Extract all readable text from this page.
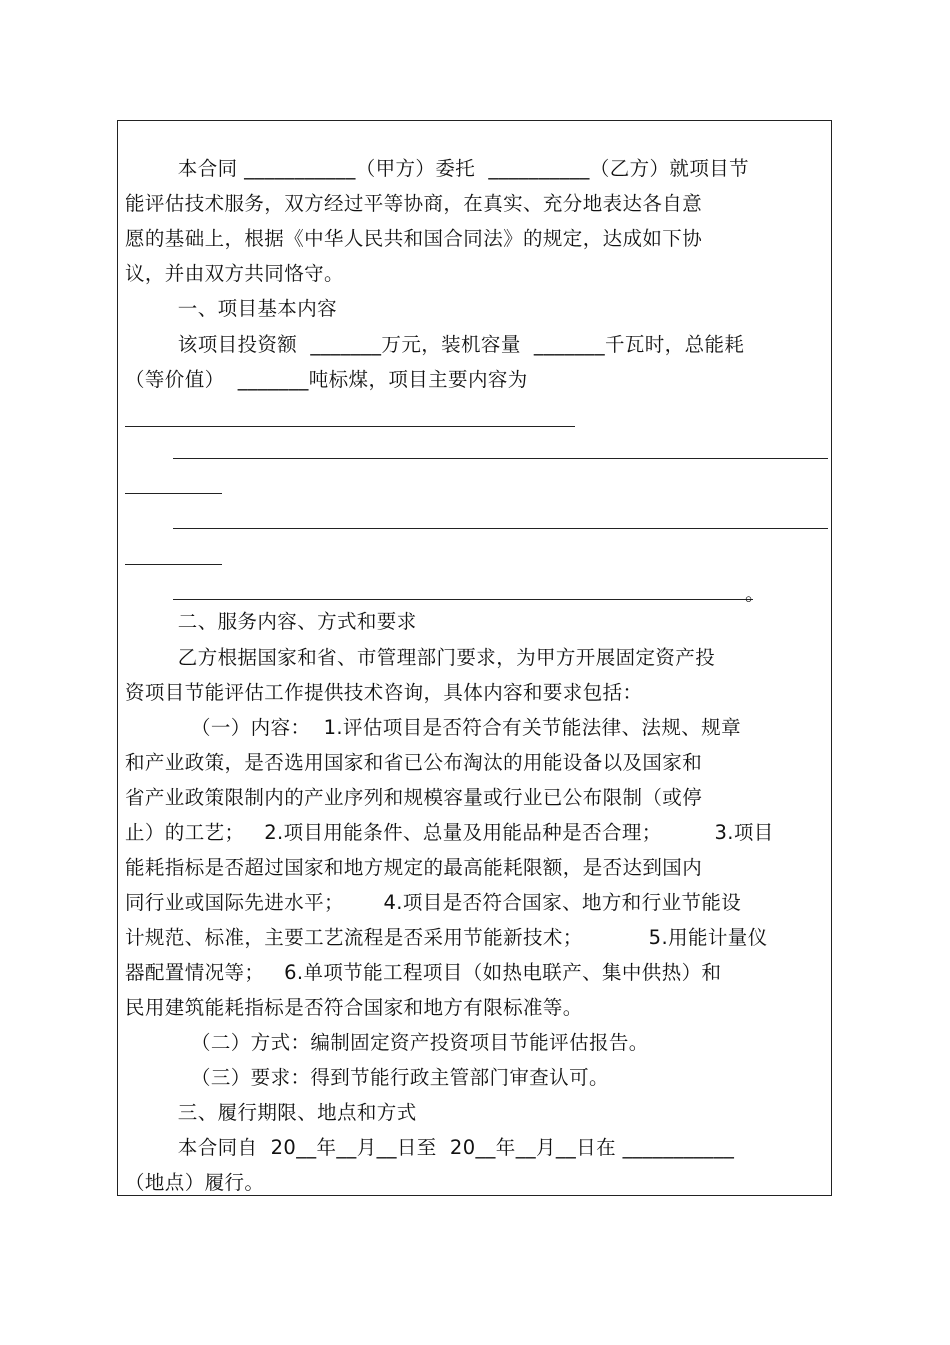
本合同 ___________（甲方）委托  __________（乙方）就项目节
能评估技术服务，双方经过平等协商，在真实、充分地表达各自意
愿的基础上，根据《中华人民共和国合同法》的规定，达成如下协
议，并由双方共同恪守。
一、项目基本内容
该项目投资额  _______万元，装机容量  _______千瓦时，总能耗
（等价值）  _______吨标煤，项目主要内容为
。
二、服务内容、方式和要求
乙方根据国家和省、市管理部门要求，为甲方开展固定资产投
资项目节能评估工作提供技术咨询，具体内容和要求包括：
（一）内容：  1.评估项目是否符合有关节能法律、法规、规章
和产业政策，是否选用国家和省已公布淘汰的用能设备以及国家和
省产业政策限制内的产业序列和规模容量或行业已公布限制（或停
止）的工艺；   2.项目用能条件、总量及用能品种是否合理；        3.项目
能耗指标是否超过国家和地方规定的最高能耗限额，是否达到国内
同行业或国际先进水平；      4.项目是否符合国家、地方和行业节能设
计规范、标准，主要工艺流程是否采用节能新技术；          5.用能计量仪
器配置情况等；   6.单项节能工程项目（如热电联产、集中供热）和
民用建筑能耗指标是否符合国家和地方有限标准等。
（二）方式：编制固定资产投资项目节能评估报告。
（三）要求：得到节能行政主管部门审查认可。
三、履行期限、地点和方式
本合同自  20__年__月__日至  20__年__月__日在 ___________
（地点）履行。
